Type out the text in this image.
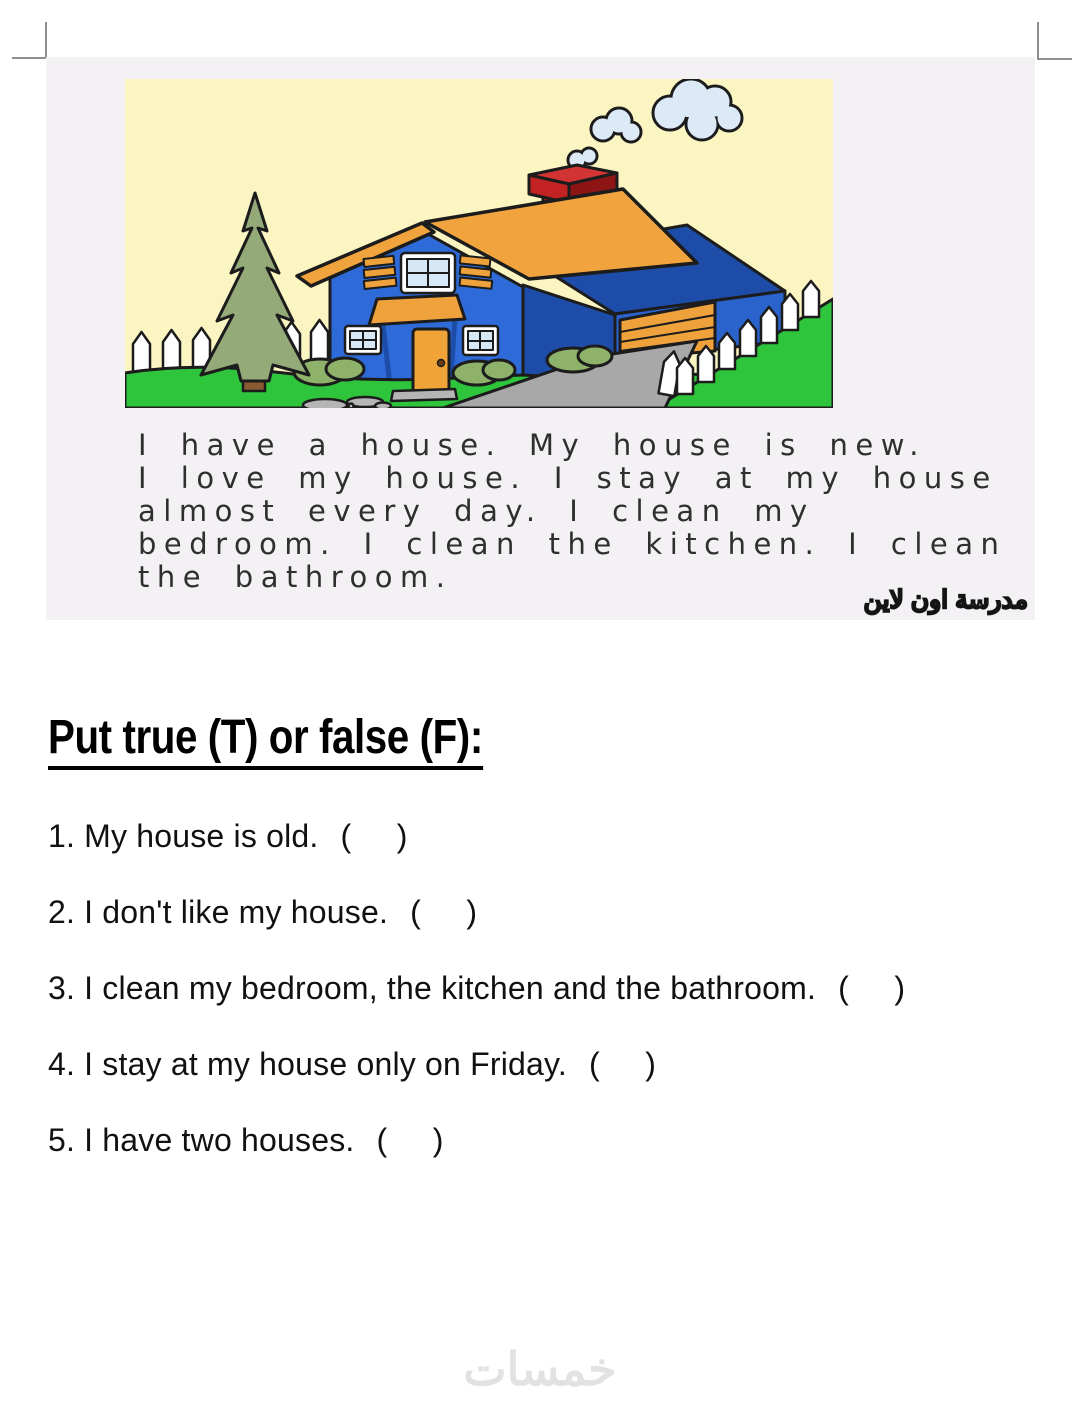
I have a house. My house is new.
I love my house. I stay at my house
almost every day. I clean my
bedroom. I clean the kitchen. I clean
the bathroom.
مدرسة اون لاين
Put true (T) or false (F):
1. My house is old. (    )
2. I don't like my house. (    )
3. I clean my bedroom, the kitchen and the bathroom. (    )
4. I stay at my house only on Friday. (    )
5. I have two houses. (    )
خمسات
